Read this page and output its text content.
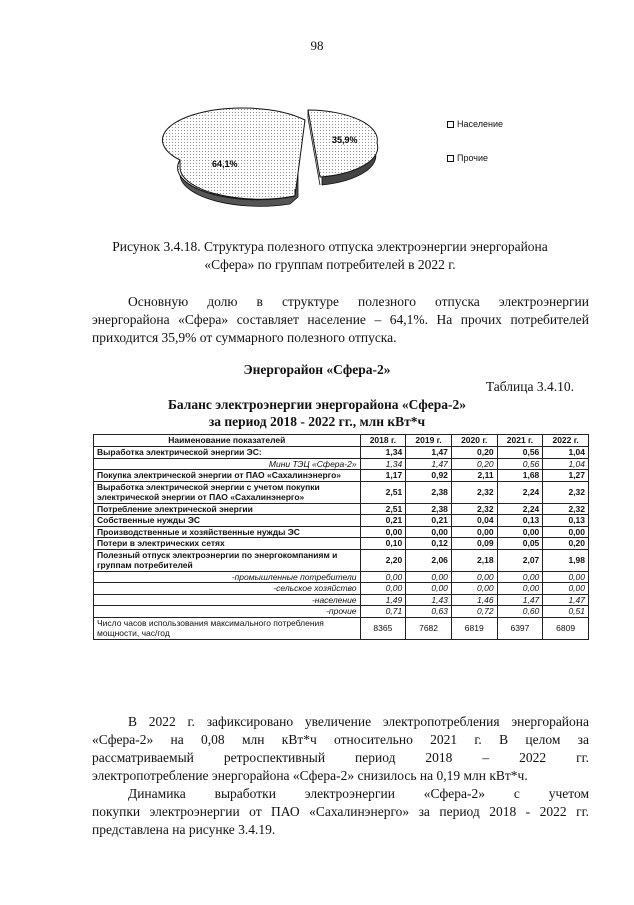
98
64,1%
35,9%
Население
Прочие
Рисунок 3.4.18. Структура полезного отпуска электроэнергии энергорайона
«Сфера» по группам потребителей в 2022 г.
Основную долю в структуре полезного отпуска электроэнергии
энергорайона «Сфера» составляет население – 64,1%. На прочих потребителей
приходится 35,9% от суммарного полезного отпуска.
Энергорайон «Сфера-2»
Таблица 3.4.10.
Баланс электроэнергии энергорайона «Сфера-2»
за период 2018 - 2022 гг., млн кВт*ч
Наименование показателей	2018 г.	2019 г.	2020 г.	2021 г.	2022 г.
Выработка электрической энергии ЭС:	1,34	1,47	0,20	0,56	1,04
Мини ТЭЦ «Сфера-2»	1,34	1,47	0,20	0,56	1,04
Покупка электрической энергии от ПАО «Сахалинэнерго»	1,17	0,92	2,11	1,68	1,27
Выработка электрической энергии с учетом покупки электрической энергии от ПАО «Сахалинэнерго»	2,51	2,38	2,32	2,24	2,32
Потребление электрической энергии	2,51	2,38	2,32	2,24	2,32
Собственные нужды ЭС	0,21	0,21	0,04	0,13	0,13
Производственные и хозяйственные нужды ЭС	0,00	0,00	0,00	0,00	0,00
Потери в электрических сетях	0,10	0,12	0,09	0,05	0,20
Полезный отпуск электроэнергии по энергокомпаниям и группам потребителей	2,20	2,06	2,18	2,07	1,98
-промышленные потребители	0,00	0,00	0,00	0,00	0,00
-сельское хозяйство	0,00	0,00	0,00	0,00	0,00
-население	1,49	1,43	1,46	1,47	1,47
-прочие	0,71	0,63	0,72	0,60	0,51
Число часов использования максимального потребления мощности, час/год	8365	7682	6819	6397	6809
В 2022 г. зафиксировано увеличение электропотребления энергорайона
«Сфера-2» на 0,08 млн кВт*ч относительно 2021 г. В целом за
рассматриваемый ретроспективный период 2018 – 2022 гг.
электропотребление энергорайона «Сфера-2» снизилось на 0,19 млн кВт*ч.
Динамика выработки электроэнергии «Сфера-2» с учетом
покупки электроэнергии от ПАО «Сахалинэнерго» за период 2018 - 2022 гг.
представлена на рисунке 3.4.19.
